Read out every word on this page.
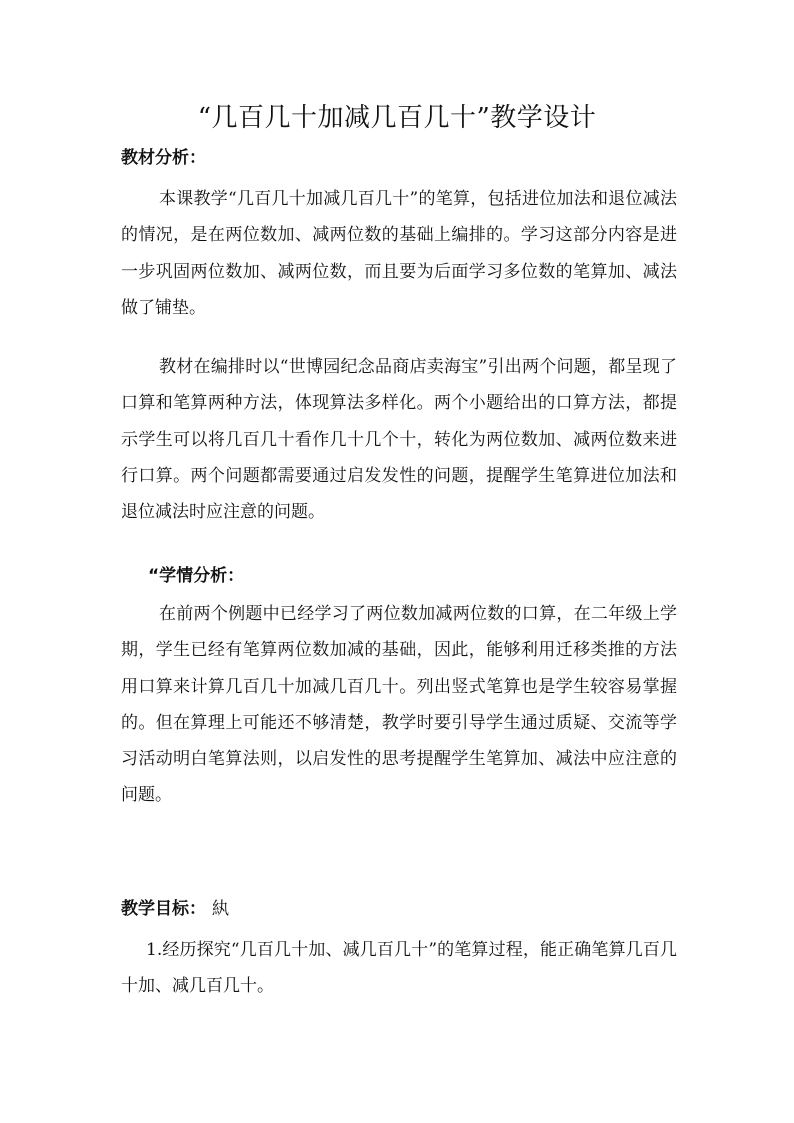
“几百几十加减几百几十”教学设计
教材分析：

本课教学“几百几十加减几百几十”的笔算，包括进位加法和退位减法的情况，是在两位数加、减两位数的基础上编排的。学习这部分内容是进一步巩固两位数加、减两位数，而且要为后面学习多位数的笔算加、减法做了铺垫。

教材在编排时以“世博园纪念品商店卖海宝”引出两个问题，都呈现了口算和笔算两种方法，体现算法多样化。两个小题给出的口算方法，都提示学生可以将几百几十看作几十几个十，转化为两位数加、减两位数来进行口算。两个问题都需要通过启发发性的问题，提醒学生笔算进位加法和退位减法时应注意的问题。

“学情分析：

在前两个例题中已经学习了两位数加减两位数的口算，在二年级上学期，学生已经有笔算两位数加减的基础，因此，能够利用迁移类推的方法用口算来计算几百几十加减几百几十。列出竖式笔算也是学生较容易掌握的。但在算理上可能还不够清楚，教学时要引导学生通过质疑、交流等学习活动明白笔算法则，以启发性的思考提醒学生笔算加、减法中应注意的问题。

教学目标： 紈

1.经历探究“几百几十加、减几百几十”的笔算过程，能正确笔算几百几十加、减几百几十。
